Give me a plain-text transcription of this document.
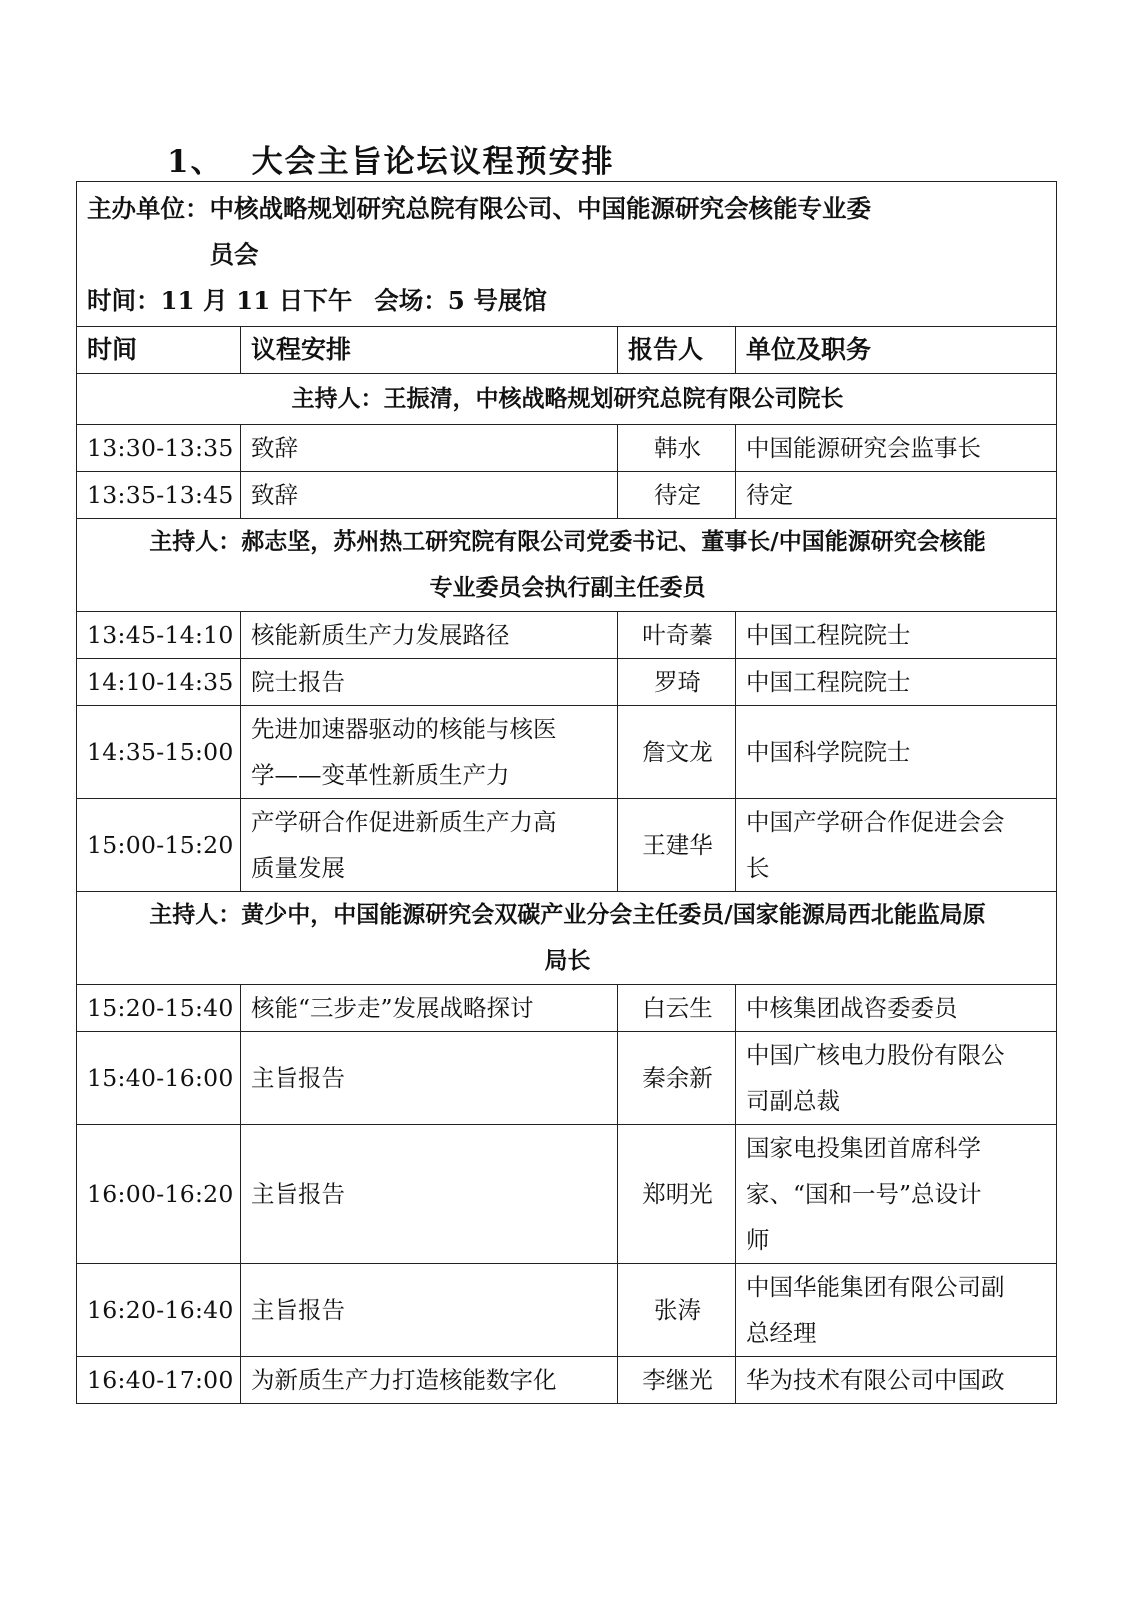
1、 大会主旨论坛议程预安排
主办单位： 中核战略规划研究总院有限公司、中国能源研究会核能专业委
员会
时间：11 月 11 日下午 会场：5 号展馆			

时间	议程安排	报告人	单位及职务

主持人：王振清，中核战略规划研究总院有限公司院长			

13:30-13:35	致辞	韩水	中国能源研究会监事长

13:35-13:45	致辞	待定	待定

主持人：郝志坚，苏州热工研究院有限公司党委书记、董事长/中国能源研究会核能
专业委员会执行副主任委员			

13:45-14:10	核能新质生产力发展路径	叶奇蓁	中国工程院院士

14:10-14:35	院士报告	罗琦	中国工程院院士

14:35-15:00	先进加速器驱动的核能与核医
学——变革性新质生产力	詹文龙	中国科学院院士

15:00-15:20	产学研合作促进新质生产力高
质量发展	王建华	中国产学研合作促进会会
长

主持人：黄少中，中国能源研究会双碳产业分会主任委员/国家能源局西北能监局原
局长			

15:20-15:40	核能“三步走”发展战略探讨	白云生	中核集团战咨委委员

15:40-16:00	主旨报告	秦余新	中国广核电力股份有限公
司副总裁

16:00-16:20	主旨报告	郑明光	国家电投集团首席科学
家、“国和一号”总设计
师

16:20-16:40	主旨报告	张涛	中国华能集团有限公司副
总经理

16:40-17:00	为新质生产力打造核能数字化	李继光	华为技术有限公司中国政
